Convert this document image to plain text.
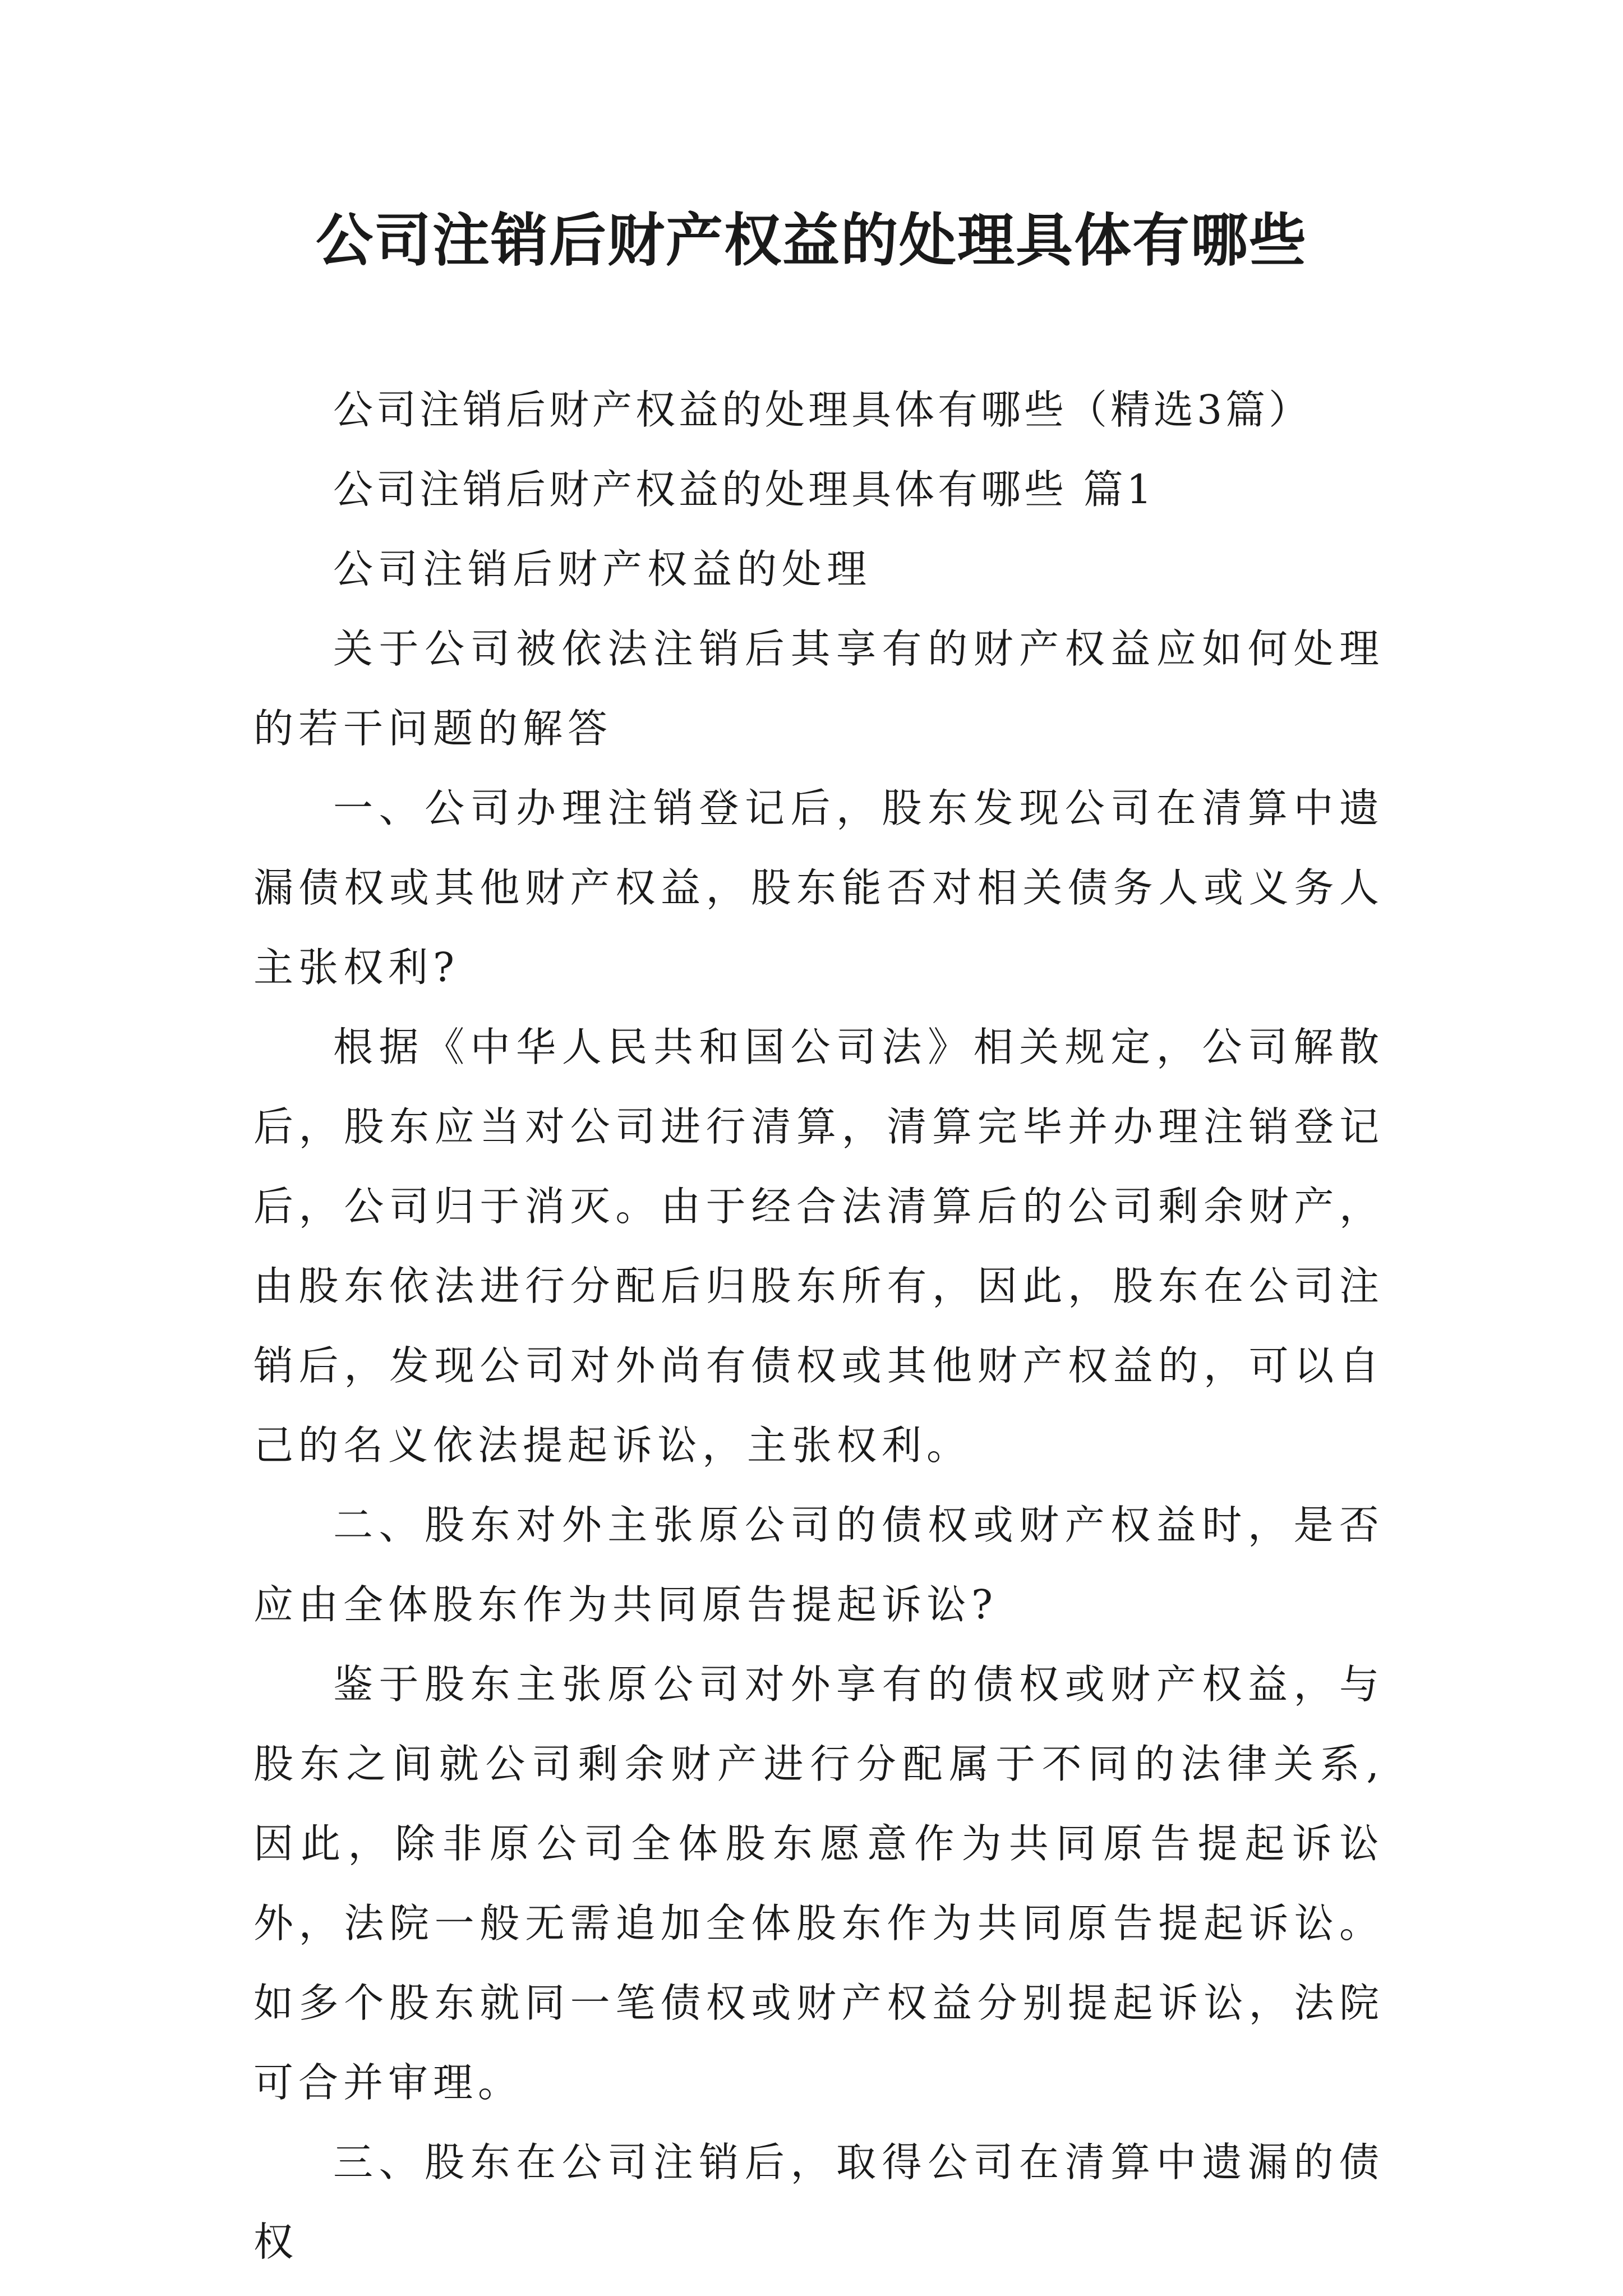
公司注销后财产权益的处理具体有哪些

公司注销后财产权益的处理具体有哪些（精选3篇）

公司注销后财产权益的处理具体有哪些 篇1

公司注销后财产权益的处理

关于公司被依法注销后其享有的财产权益应如何处理的若干问题的解答

一、公司办理注销登记后，股东发现公司在清算中遗漏债权或其他财产权益，股东能否对相关债务人或义务人主张权利?

根据《中华人民共和国公司法》相关规定，公司解散后，股东应当对公司进行清算，清算完毕并办理注销登记后，公司归于消灭。由于经合法清算后的公司剩余财产，由股东依法进行分配后归股东所有，因此，股东在公司注销后，发现公司对外尚有债权或其他财产权益的，可以自己的名义依法提起诉讼，主张权利。

二、股东对外主张原公司的债权或财产权益时，是否应由全体股东作为共同原告提起诉讼?

鉴于股东主张原公司对外享有的债权或财产权益，与股东之间就公司剩余财产进行分配属于不同的法律关系,因此，除非原公司全体股东愿意作为共同原告提起诉讼外，法院一般无需追加全体股东作为共同原告提起诉讼。如多个股东就同一笔债权或财产权益分别提起诉讼，法院可合并审理。

三、股东在公司注销后，取得公司在清算中遗漏的债权
